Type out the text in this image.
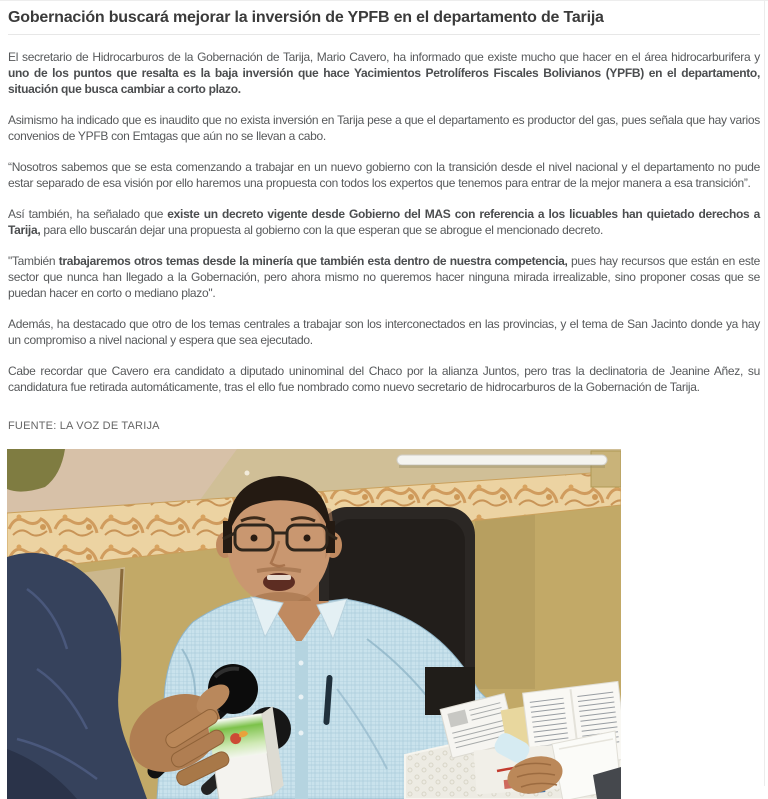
Gobernación buscará mejorar la inversión de YPFB en el departamento de Tarija

El secretario de Hidrocarburos de la Gobernación de Tarija, Mario Cavero, ha informado que existe mucho que hacer en el área hidrocarburifera y uno de los puntos que resalta es la baja inversión que hace Yacimientos Petrolíferos Fiscales Bolivianos (YPFB) en el departamento, situación que busca cambiar a corto plazo.

Asimismo ha indicado que es inaudito que no exista inversión en Tarija pese a que el departamento es productor del gas, pues señala que hay varios convenios de YPFB con Emtagas que aún no se llevan a cabo.

“Nosotros sabemos que se esta comenzando a trabajar en un nuevo gobierno con la transición desde el nivel nacional y el departamento no pude estar separado de esa visión por ello haremos una propuesta con todos los expertos que tenemos para entrar de la mejor manera a esa transición”.

Así también, ha señalado que existe un decreto vigente desde Gobierno del MAS con referencia a los licuables han quietado derechos a Tarija, para ello buscarán dejar una propuesta al gobierno con la que esperan que se abrogue el mencionado decreto.

"También trabajaremos otros temas desde la minería que también esta dentro de nuestra competencia, pues hay recursos que están en este sector que nunca han llegado a la Gobernación, pero ahora mismo no queremos hacer ninguna mirada irrealizable, sino proponer cosas que se puedan hacer en corto o mediano plazo".

Además, ha destacado que otro de los temas centrales a trabajar son los interconectados en las provincias, y el tema de San Jacinto donde ya hay un compromiso a nivel nacional y espera que sea ejecutado.

Cabe recordar que Cavero era candidato a diputado uninominal del Chaco por la alianza Juntos, pero tras la declinatoria de Jeanine Añez, su candidatura fue retirada automáticamente, tras el ello fue nombrado como nuevo secretario de hidrocarburos de la Gobernación de Tarija.

FUENTE: LA VOZ DE TARIJA
